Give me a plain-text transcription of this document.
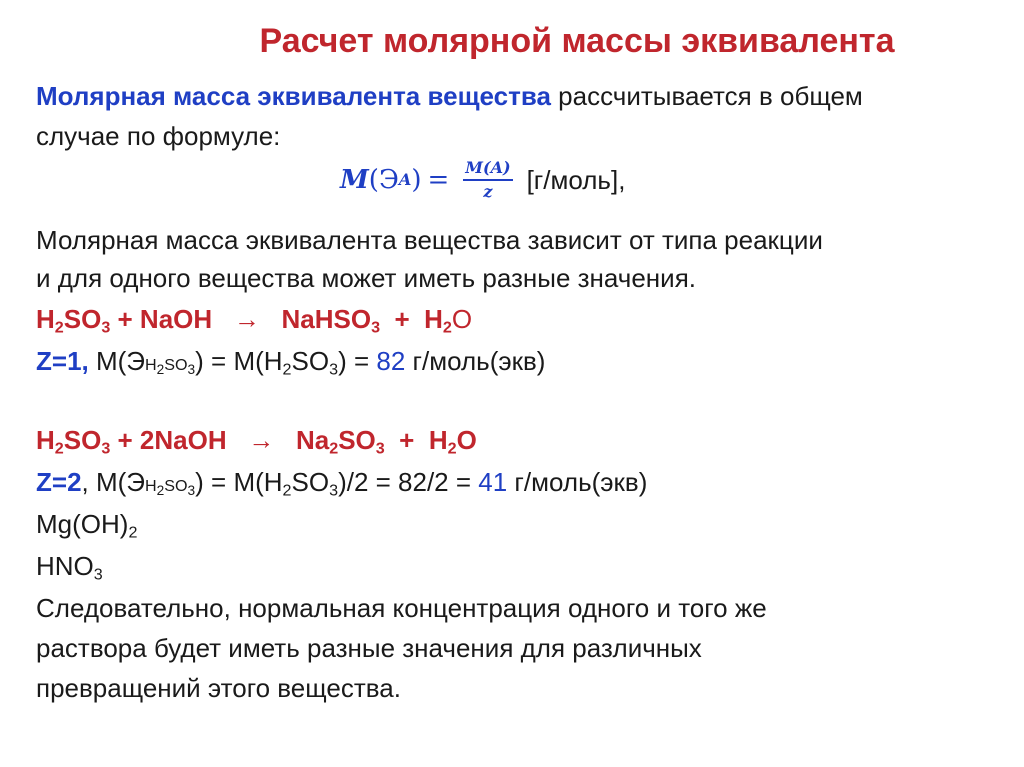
Расчет молярной массы эквивалента
Молярная масса эквивалента вещества рассчитывается в общем
случае по формуле:
M ( Э A ) = $\frac{M(A)}{z}$ [г/моль],
Молярная масса эквивалента вещества зависит от типа реакции
и для одного вещества может иметь разные значения.
$H_2SO_3$ + NaOH   →   NaHSO$_3$  +  $H_2O$
Z=1, $M(ЭH_2SO_3) = M(H_2SO_3) = 82$ г/моль(экв)
$H_2SO_3$ + 2NaOH   →   $Na_2SO_3 + H_2O$
Z=2, $M(ЭH_2SO_3) = M(H_2SO_3)/2 = 82/2 = 41$ г/моль(экв)
$Mg(OH)_2$
$HNO_3$
Следовательно, нормальная концентрация одного и того же
раствора будет иметь разные значения для различных
превращений этого вещества.
